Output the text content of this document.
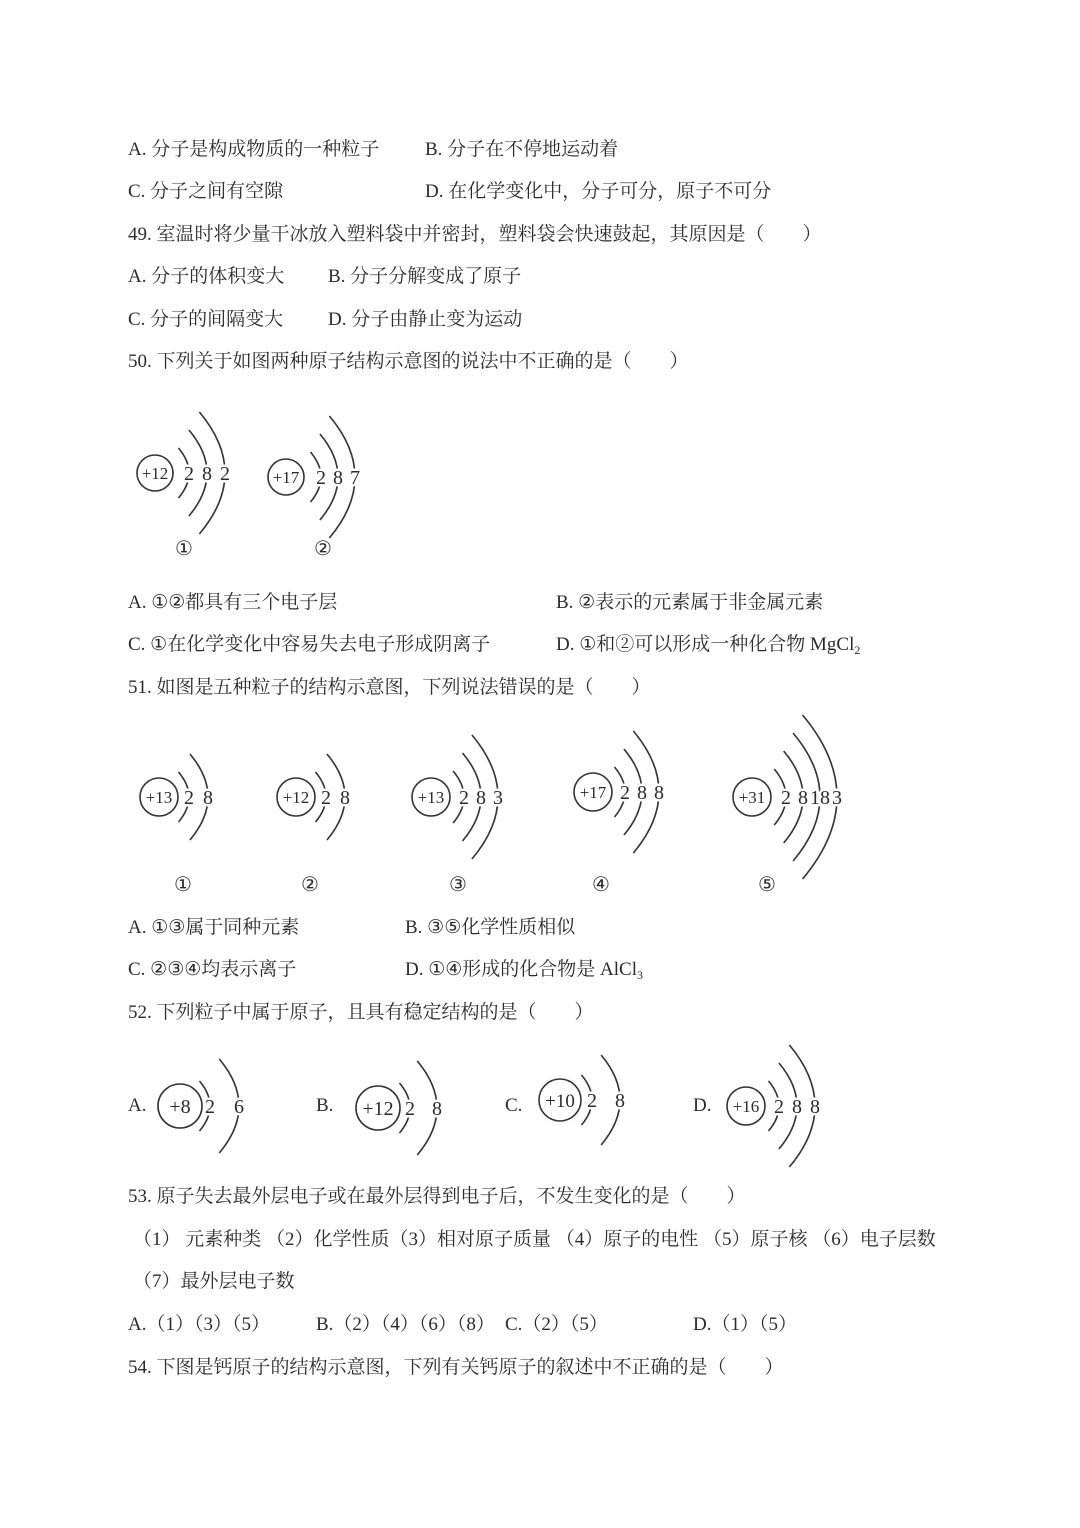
A. 分子是构成物质的一种粒子 B. 分子在不停地运动着
C. 分子之间有空隙	D. 在化学变化中，分子可分，原子不可分
49. 室温时将少量干冰放入塑料袋中并密封，塑料袋会快速鼓起，其原因是（　　）
A. 分子的体积变大 B. 分子分解变成了原子
C. 分子的间隔变大 D. 分子由静止变为运动
50. 下列关于如图两种原子结构示意图的说法中不正确的是（　　）
+12 2 8 2	+17 2 8 7
①	②
A. ①②都具有三个电子层	B. ②表示的元素属于非金属元素
C. ①在化学变化中容易失去电子形成阴离子	D. ①和②可以形成一种化合物 MgCl$_2$
51. 如图是五种粒子的结构示意图，下列说法错误的是（　　）
+13 2 8	+12 2 8	+13 2 8 3	+17 2 8 8	+31 2 8 18 3
①	②	③	④	⑤
A. ①③属于同种元素	B. ③⑤化学性质相似
C. ②③④均表示离子	D. ①④形成的化合物是 AlCl$_3$
52. 下列粒子中属于原子，且具有稳定结构的是（　　）
A.	B.	C.	D.
+8 2 6	+12 2 8	+10 2 8	+16 2 8 8
53. 原子失去最外层电子或在最外层得到电子后，不发生变化的是（　　）
（1） 元素种类 （2）化学性质（3）相对原子质量 （4）原子的电性 （5）原子核 （6）电子层数
（7）最外层电子数
A.（1）（3）（5） B.（2）（4）（6）（8） C.（2）（5）	D.（1）（5）
54. 下图是钙原子的结构示意图，下列有关钙原子的叙述中不正确的是（　　）
